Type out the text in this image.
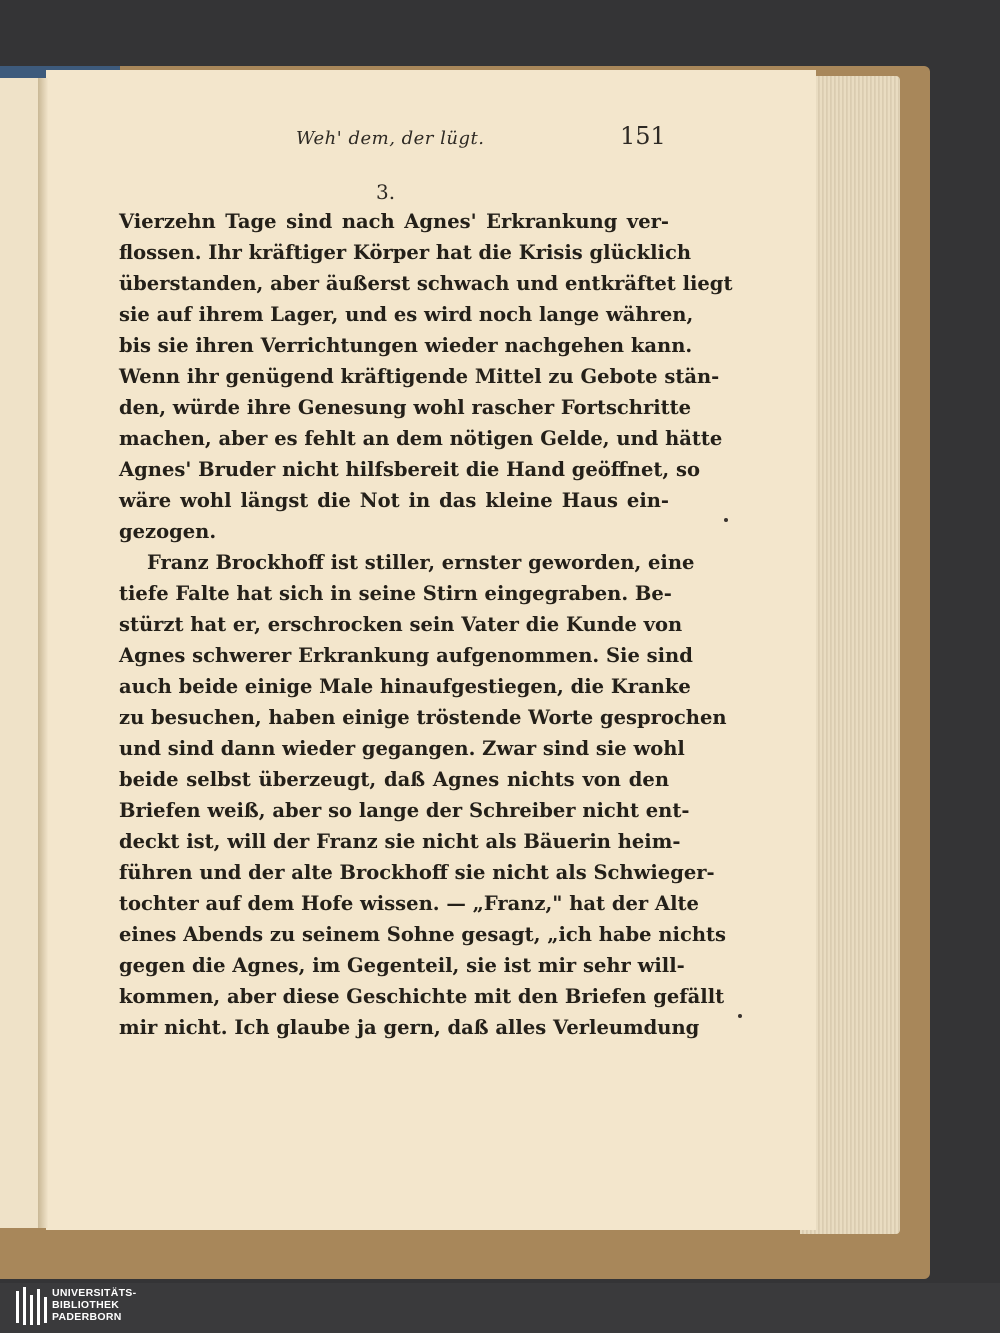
Weh' dem, der lügt.	151
3.
Vierzehn Tage sind nach Agnes' Erkrankung ver-
flossen. Ihr kräftiger Körper hat die Krisis glücklich
überstanden, aber äußerst schwach und entkräftet liegt
sie auf ihrem Lager, und es wird noch lange währen,
bis sie ihren Verrichtungen wieder nachgehen kann.
Wenn ihr genügend kräftigende Mittel zu Gebote stän-
den, würde ihre Genesung wohl rascher Fortschritte
machen, aber es fehlt an dem nötigen Gelde, und hätte
Agnes' Bruder nicht hilfsbereit die Hand geöffnet, so
wäre wohl längst die Not in das kleine Haus ein-
gezogen.
Franz Brockhoff ist stiller, ernster geworden, eine
tiefe Falte hat sich in seine Stirn eingegraben. Be-
stürzt hat er, erschrocken sein Vater die Kunde von
Agnes schwerer Erkrankung aufgenommen. Sie sind
auch beide einige Male hinaufgestiegen, die Kranke
zu besuchen, haben einige tröstende Worte gesprochen
und sind dann wieder gegangen. Zwar sind sie wohl
beide selbst überzeugt, daß Agnes nichts von den
Briefen weiß, aber so lange der Schreiber nicht ent-
deckt ist, will der Franz sie nicht als Bäuerin heim-
führen und der alte Brockhoff sie nicht als Schwieger-
tochter auf dem Hofe wissen. — „Franz," hat der Alte
eines Abends zu seinem Sohne gesagt, „ich habe nichts
gegen die Agnes, im Gegenteil, sie ist mir sehr will-
kommen, aber diese Geschichte mit den Briefen gefällt
mir nicht. Ich glaube ja gern, daß alles Verleumdung
UNIVERSITÄTS-
BIBLIOTHEK
PADERBORN
